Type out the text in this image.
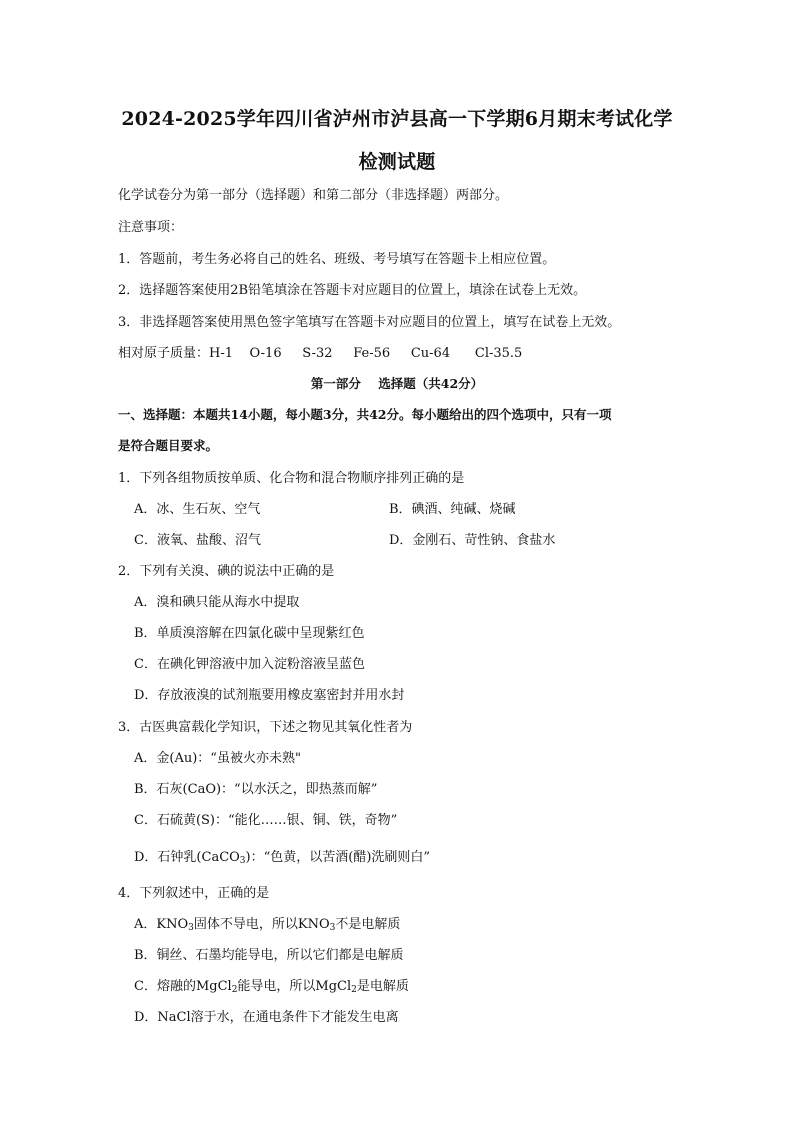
2024-2025学年四川省泸州市泸县高一下学期6月期末考试化学
检测试题
化学试卷分为第一部分（选择题）和第二部分（非选择题）两部分。
注意事项：
1．答题前，考生务必将自己的姓名、班级、考号填写在答题卡上相应位置。
2．选择题答案使用2B铅笔填涂在答题卡对应题目的位置上，填涂在试卷上无效。
3．非选择题答案使用黑色签字笔填写在答题卡对应题目的位置上，填写在试卷上无效。
相对原子质量：H-1    O-16     S-32     Fe-56     Cu-64      Cl-35.5
第一部分    选择题（共42分）
一、选择题：本题共14小题，每小题3分，共42分。每小题给出的四个选项中，只有一项
是符合题目要求。
1．下列各组物质按单质、化合物和混合物顺序排列正确的是
A．冰、生石灰、空气	B．碘酒、纯碱、烧碱
C．液氧、盐酸、沼气	D．金刚石、苛性钠、食盐水
2．下列有关溴、碘的说法中正确的是
A．溴和碘只能从海水中提取
B．单质溴溶解在四氯化碳中呈现紫红色
C．在碘化钾溶液中加入淀粉溶液呈蓝色
D．存放液溴的试剂瓶要用橡皮塞密封并用水封
3．古医典富载化学知识，下述之物见其氧化性者为
A．金(Au)：“虽被火亦未熟"
B．石灰(CaO)：“以水沃之，即热蒸而解”
C．石硫黄(S)：“能化……银、铜、铁，奇物”
D．石钟乳(CaCO$_3$)：“色黄，以苦酒(醋)洗刷则白”
4．下列叙述中，正确的是
A．$KNO_3$固体不导电，所以$KNO_3$不是电解质
B．铜丝、石墨均能导电，所以它们都是电解质
C．熔融的MgCl$_2$能导电，所以MgCl$_2$是电解质
D．NaCl溶于水，在通电条件下才能发生电离
